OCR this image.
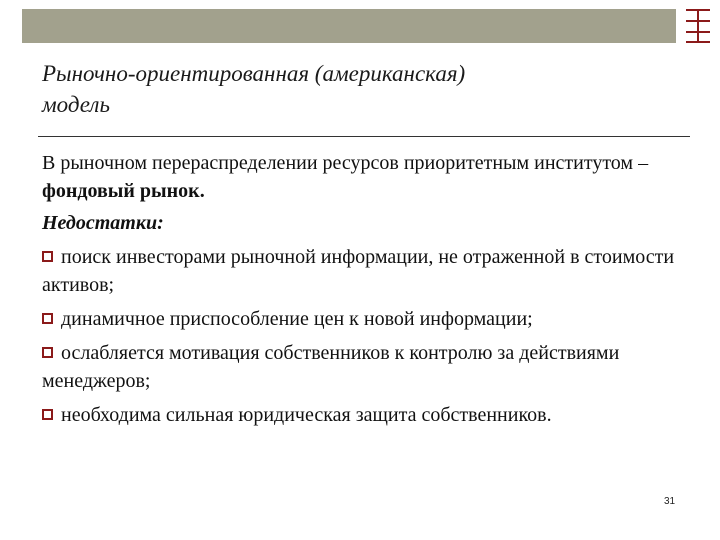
Рыночно-ориентированная (американская)
модель

В рыночном перераспределении ресурсов приоритетным институтом – фондовый рынок.

Недостатки:

поиск инвесторами рыночной информации, не отраженной в стоимости активов;

динамичное приспособление цен к новой информации;

ослабляется мотивация собственников к контролю за действиями менеджеров;

необходима сильная юридическая защита собственников.

31
